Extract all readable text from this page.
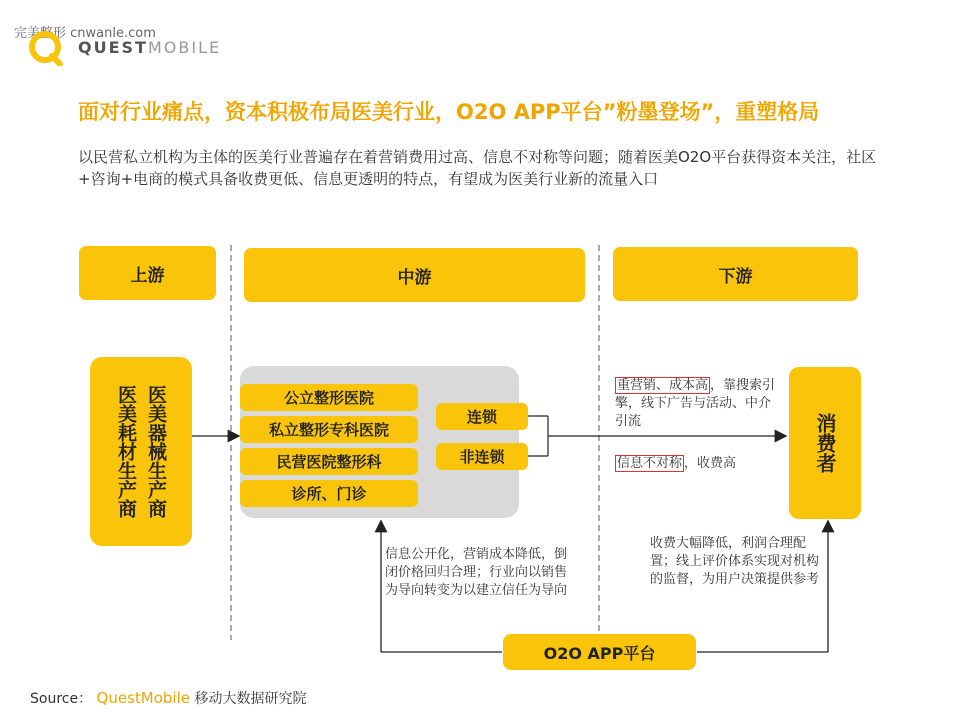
完美整形 cnwanle.com
QUESTMOBILE
面对行业痛点，资本积极布局医美行业，O2O APP平台”粉墨登场”，重塑格局
以民营私立机构为主体的医美行业普遍存在着营销费用过高、信息不对称等问题；随着医美O2O平台获得资本关注，社区+咨询+电商的模式具备收费更低、信息更透明的特点，有望成为医美行业新的流量入口
上游	中游	下游
医美器械生产商
医美耗材生产商	公立整形医院
私立整形专科医院
民营医院整形科
诊所、门诊
连锁
非连锁	消费者
重营销、成本高 ，靠搜索引擎，线下广告与活动、中介引流
信息不对称 ，收费高
信息公开化，营销成本降低，倒闭价格回归合理；行业向以销售为导向转变为以建立信任为导向
收费大幅降低，利润合理配置；线上评价体系实现对机构的监督，为用户决策提供参考
O2O APP平台
Source： QuestMobile 移动大数据研究院
